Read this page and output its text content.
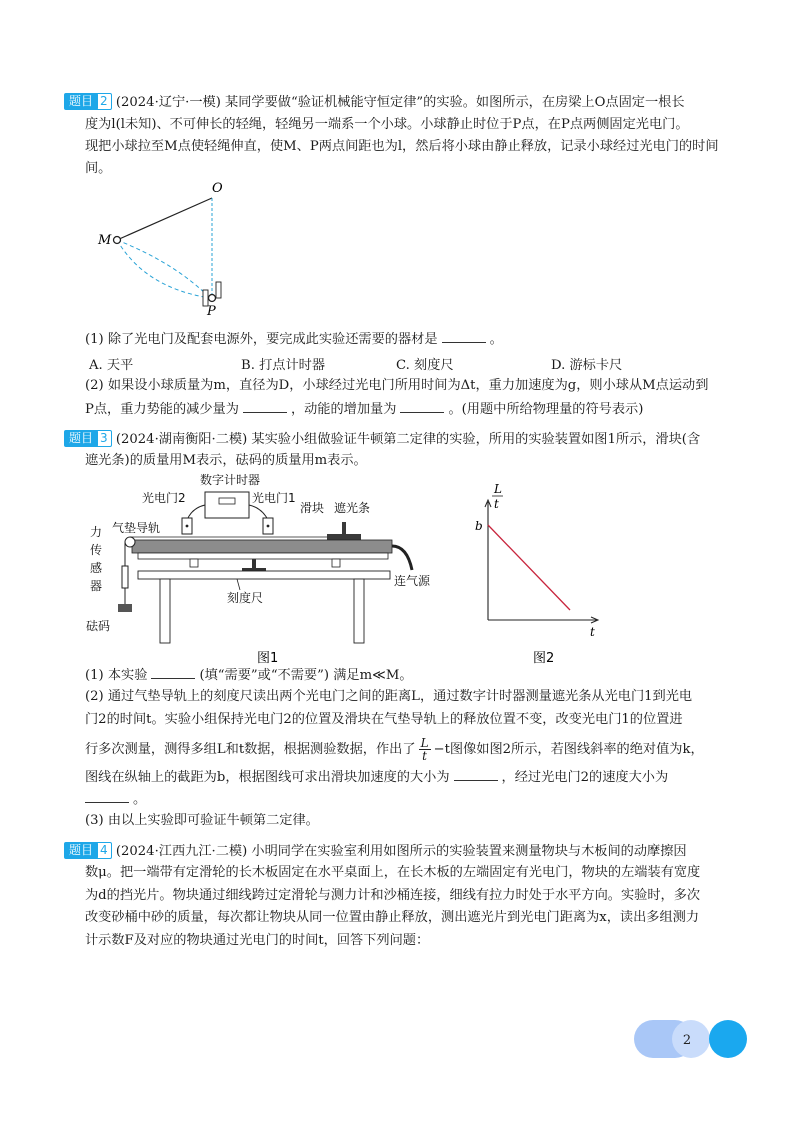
题目 2 (2024·辽宁·一模) 某同学要做“验证机械能守恒定律”的实验。如图所示，在房梁上O点固定一根长
度为l(l未知)、不可伸长的轻绳，轻绳另一端系一个小球。小球静止时位于P点，在P点两侧固定光电门。
现把小球拉至M点使轻绳伸直，使M、P两点间距也为l，然后将小球由静止释放，记录小球经过光电门的时间
间。
O
M
P
(1) 除了光电门及配套电源外，要完成此实验还需要的器材是	。
A. 天平	B. 打点计时器	C. 刻度尺	D. 游标卡尺
(2) 如果设小球质量为m，直径为D，小球经过光电门所用时间为Δt，重力加速度为g，则小球从M点运动到
P点，重力势能的减少量为	，动能的增加量为	。(用题中所给物理量的符号表示)
题目 3 (2024·湖南衡阳·二模) 某实验小组做验证牛顿第二定律的实验，所用的实验装置如图1所示，滑块(含
遮光条)的质量用M表示，砝码的质量用m表示。
数字计时器
光电门2	光电门1
滑块 遮光条
气垫导轨
力
传
感
器
砝码
刻度尺
连气源
图1
L
t
b
t
图2
(1) 本实验	(填“需要”或“不需要”) 满足m≪M。
(2) 通过气垫导轨上的刻度尺读出两个光电门之间的距离L，通过数字计时器测量遮光条从光电门1到光电
门2的时间t。实验小组保持光电门2的位置及滑块在气垫导轨上的释放位置不变，改变光电门1的位置进
行多次测量，测得多组L和t数据，根据测验数据，作出了 $\frac{L}{t} -t$图像如图2所示，若图线斜率的绝对值为k，
图线在纵轴上的截距为b，根据图线可求出滑块加速度的大小为	，经过光电门2的速度大小为
。
(3) 由以上实验即可验证牛顿第二定律。
题目 4 (2024·江西九江·二模) 小明同学在实验室利用如图所示的实验装置来测量物块与木板间的动摩擦因
数μ。把一端带有定滑轮的长木板固定在水平桌面上，在长木板的左端固定有光电门，物块的左端装有宽度
为d的挡光片。物块通过细线跨过定滑轮与测力计和沙桶连接，细线有拉力时处于水平方向。实验时，多次
改变砂桶中砂的质量，每次都让物块从同一位置由静止释放，测出遮光片到光电门距离为x，读出多组测力
计示数F及对应的物块通过光电门的时间t，回答下列问题：
2
